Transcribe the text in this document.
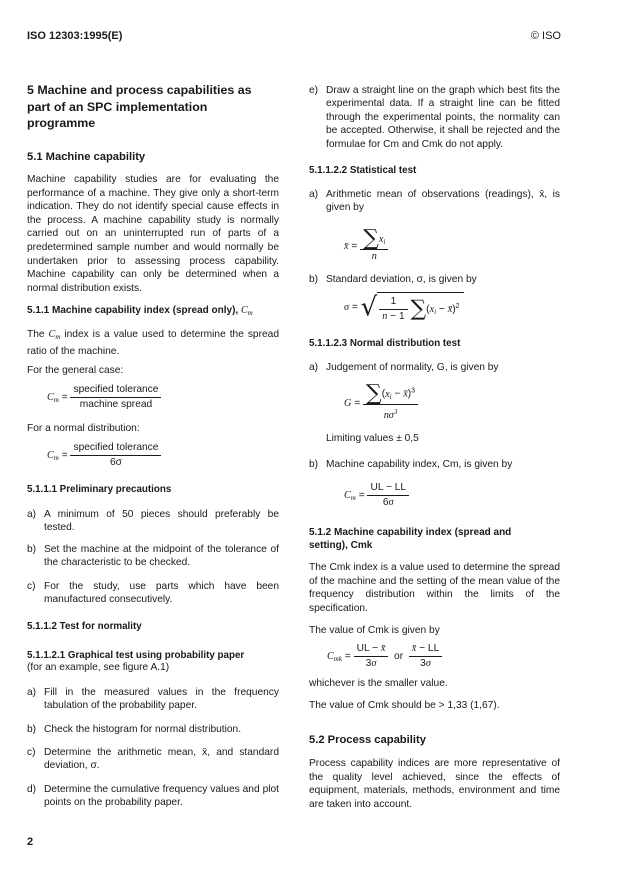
ISO 12303:1995(E)	© ISO
5 Machine and process capabilities as part of an SPC implementation programme
5.1 Machine capability
Machine capability studies are for evaluating the performance of a machine. They give only a short-term indication. They do not identify special cause effects in the process. A machine capability study is normally carried out on an uninterrupted run of parts of a predetermined sample number and would normally be undertaken prior to assessing process capability. Machine capability can only be determined when a normal distribution exists.
5.1.1 Machine capability index (spread only), $C_m$
The $C_m$ index is a value used to determine the spread ratio of the machine.
For the general case:
$C_m = \frac{\text{specified tolerance}}{\text{machine spread}}$
For a normal distribution:
$C_m = \frac{\text{specified tolerance}}{6\sigma}$
5.1.1.1 Preliminary precautions
a) A minimum of 50 pieces should preferably be tested.
b) Set the machine at the midpoint of the tolerance of the characteristic to be checked.
c) For the study, use parts which have been manufactured consecutively.
5.1.1.2 Test for normality
5.1.1.2.1 Graphical test using probability paper
(for an example, see figure A.1)
a) Fill in the measured values in the frequency tabulation of the probability paper.
b) Check the histogram for normal distribution.
c) Determine the arithmetic mean, x̄, and standard deviation, σ.
d) Determine the cumulative frequency values and plot points on the probability paper.
e) Draw a straight line on the graph which best fits the experimental data. If a straight line can be fitted through the experimental points, the normality can be accepted. Otherwise, it shall be rejected and the formulae for Cm and Cmk do not apply.
5.1.1.2.2 Statistical test
a) Arithmetic mean of observations (readings), x̄, is given by
x̄ = $\frac{\sum x_i}{n}$
b) Standard deviation, σ, is given by
σ = √ $\frac{1}{n - 1} \sum(x_i$ − x̄)$^2$
5.1.1.2.3 Normal distribution test
a) Judgement of normality, G, is given by
$G = \frac{\sum(x_i - x̄)^3}{n\sigma^3}$
Limiting values ± 0,5
b) Machine capability index, Cm, is given by
$C_m = \frac{UL - LL}{6\sigma}$
5.1.2 Machine capability index (spread and setting), Cmk
The Cmk index is a value used to determine the spread of the machine and the setting of the mean value of the frequency distribution within the limits of the specification.
The value of Cmk is given by
$C_{mk} = \frac{UL - x̄}{3\sigma}$ or $\frac{x̄ - LL}{3\sigma}$
whichever is the smaller value.
The value of Cmk should be > 1,33 (1,67).
5.2 Process capability
Process capability indices are more representative of the quality level achieved, since the effects of equipment, materials, methods, environment and time are taken into account.
2
